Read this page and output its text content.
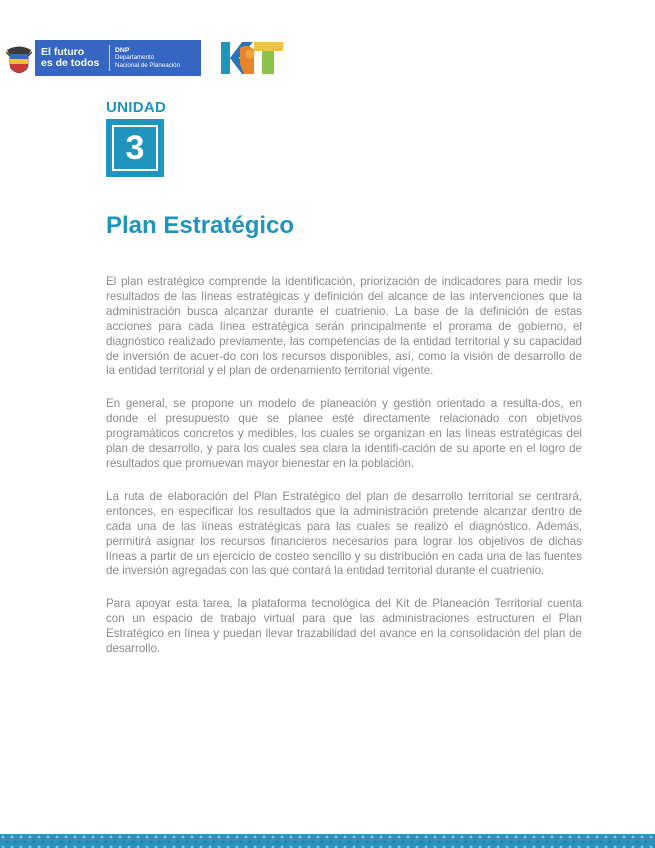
El futuro
es de todos
DNP
Departamento
Nacional de Planeación
UNIDAD
3
Plan Estratégico

El plan estratégico comprende la identificación, priorización de indicadores para medir los resultados de las líneas estratégicas y definición del alcance de las intervenciones que la administración busca alcanzar durante el cuatrienio. La base de la definición de estas acciones para cada línea estratégica serán principalmente el prorama de gobierno, el diagnóstico realizado previamente, las competencias de la entidad territorial y su capacidad de inversión de acuer-do con los recursos disponibles, así, como la visión de desarrollo de la entidad territorial y el plan de ordenamiento territorial vigente.

En general, se propone un modelo de planeación y gestión orientado a resulta-dos, en donde el presupuesto que se planee esté directamente relacionado con objetivos programáticos concretos y medibles, los cuales se organizan en las líneas estratégicas del plan de desarrollo, y para los cuales sea clara la identifi-cación de su aporte en el logro de resultados que promuevan mayor bienestar en la población.

La ruta de elaboración del Plan Estratégico del plan de desarrollo territorial se centrará, entonces, en especificar los resultados que la administración pretende alcanzar dentro de cada una de las líneas estratégicas para las cuales se realizó el diagnóstico. Además, permitirá asignar los recursos financieros necesarios para lograr los objetivos de dichas líneas a partir de un ejercicio de costeo sencillo y su distribución en cada una de las fuentes de inversión agregadas con las que contará la entidad territorial durante el cuatrienio.

Para apoyar esta tarea, la plataforma tecnológica del Kit de Planeación Territorial cuenta con un espacio de trabajo virtual para que las administraciones estructuren el Plan Estratégico en línea y puedan llevar trazabilidad del avance en la consolidación del plan de desarrollo.
